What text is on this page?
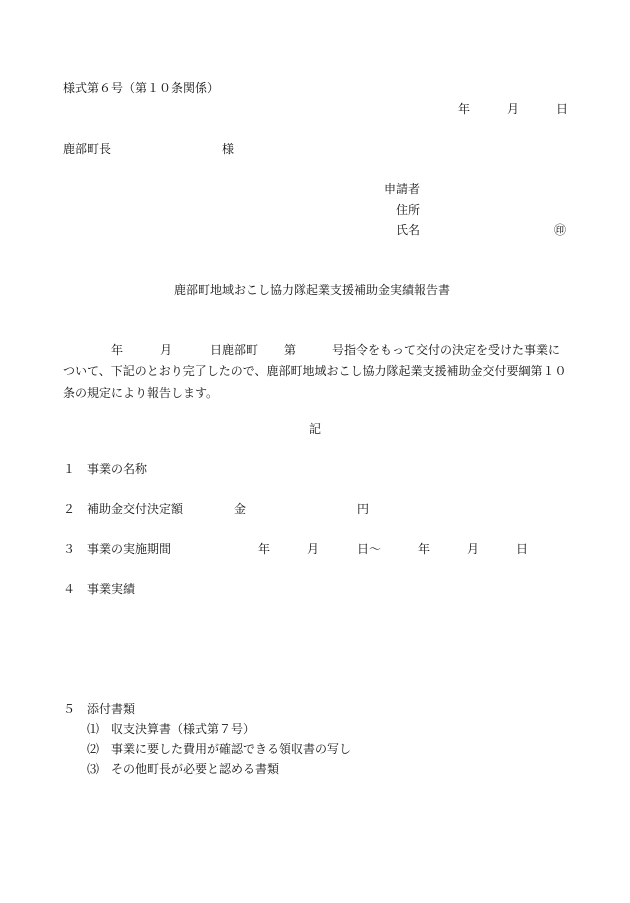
様式第６号（第１０条関係）
年	月	日
鹿部町長	様
申請者
住所
氏名	㊞
鹿部町地域おこし協力隊起業支援補助金実績報告書
年	月	日鹿部町 第	号指令をもって交付の決定を受けた事業に
ついて、下記のとおり完了したので、鹿部町地域おこし協力隊起業支援補助金交付要綱第１０条の規定により報告します。
記
１ 事業の名称
２ 補助金交付決定額	金	円
３ 事業の実施期間	年	月	日～	年	月	日
４ 事業実績
５ 添付書類
⑴ 収支決算書（様式第７号）
⑵ 事業に要した費用が確認できる領収書の写し
⑶ その他町長が必要と認める書類
